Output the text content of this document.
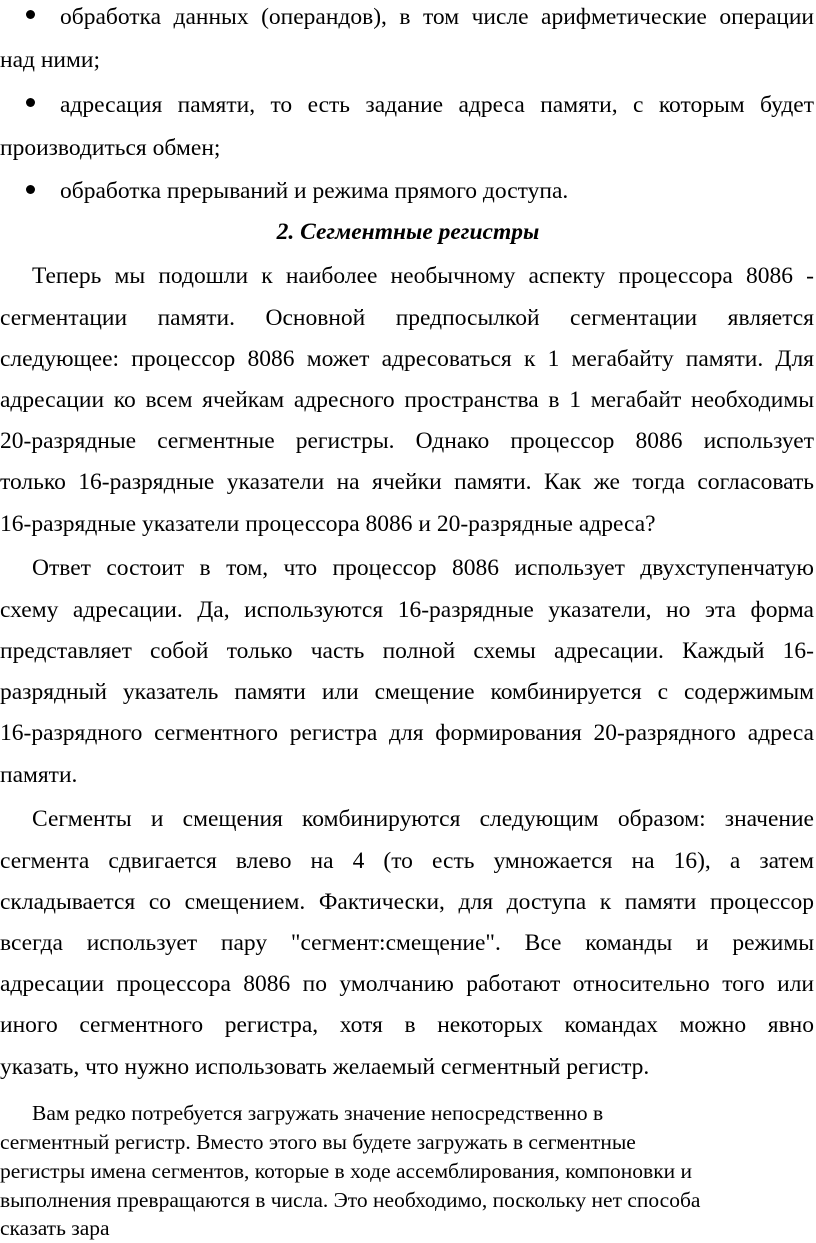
обработка данных (операндов), в том числе арифметические операции
над ними;
адресация памяти, то есть задание адреса памяти, с которым будет
производиться обмен;
обработка прерываний и режима прямого доступа.
2. Сегментные регистры
Теперь мы подошли к наиболее необычному аспекту процессора 8086 -
сегментации памяти. Основной предпосылкой сегментации является
следующее: процессор 8086 может адресоваться к 1 мегабайту памяти. Для
адресации ко всем ячейкам адресного пространства в 1 мегабайт необходимы
20-разрядные сегментные регистры. Однако процессор 8086 использует
только 16-разрядные указатели на ячейки памяти. Как же тогда согласовать
16-разрядные указатели процессора 8086 и 20-разрядные адреса?
Ответ состоит в том, что процессор 8086 использует двухступенчатую
схему адресации. Да, используются 16-разрядные указатели, но эта форма
представляет собой только часть полной схемы адресации. Каждый 16-
разрядный указатель памяти или смещение комбинируется с содержимым
16-разрядного сегментного регистра для формирования 20-разрядного адреса
памяти.
Сегменты и смещения комбинируются следующим образом: значение
сегмента сдвигается влево на 4 (то есть умножается на 16), а затем
складывается со смещением. Фактически, для доступа к памяти процессор
всегда использует пару "сегмент:смещение". Все команды и режимы
адресации процессора 8086 по умолчанию работают относительно того или
иного сегментного регистра, хотя в некоторых командах можно явно
указать, что нужно использовать желаемый сегментный регистр.
Вам редко потребуется загружать значение непосредственно в
сегментный регистр. Вместо этого вы будете загружать в сегментные
регистры имена сегментов, которые в ходе ассемблирования, компоновки и
выполнения превращаются в числа. Это необходимо, поскольку нет способа
сказать зара
